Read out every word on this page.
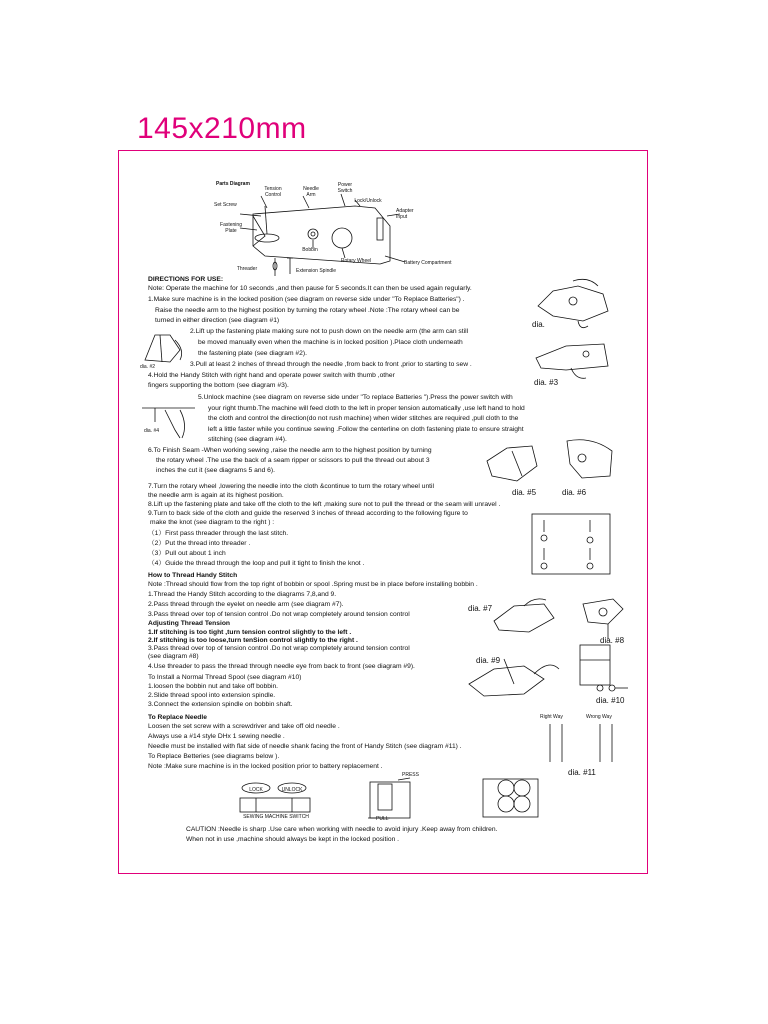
145x210mm
Parts Diagram
Tension
Control
Needle
Arm
Power
Switch
Lock/Unlock
Set Screw
Adapter
Input
Fastening
Plate
Bobbin
Rotary Wheel	Battery Compartment
Threader	Extension Spindle
DIRECTIONS FOR USE:
Note: Operate the machine for 10 seconds ,and then pause for 5 seconds.It can then be used again regularly.
1.Make sure machine is in the locked position (see diagram on reverse side under "To Replace Batteries") .
Raise the needle arm to the highest position by turning the rotary wheel .Note :The rotary wheel can be
turned in either direction (see diagram #1)
2.Lift up the fastening plate making sure not to push down on the needle arm (the arm can still
be moved manually even when the machine is in locked position ).Place cloth underneath
the fastening plate (see diagram #2).
3.Pull at least 2 inches of thread through the needle ,from back to front ,prior to starting to sew .
4.Hold the Handy Stitch with right hand and operate power switch with thumb ,other
fingers supporting the bottom (see diagram #3).
5.Unlock machine (see diagram on reverse side under "To replace Batteries ").Press the power switch with
your right thumb.The machine will feed cloth to the left in proper tension automatically ,use left hand to hold
the cloth and control the direction(do not rush machine) when wider stitches are required ,pull cloth to the
left a little faster while you continue sewing .Follow the centerline on cloth fastening plate to ensure straight
stitching (see diagram #4).
6.To Finish Seam -When working sewing ,raise the needle arm to the highest position by turning
the rotary wheel .The use the back of a seam ripper or scissors to pull the thread out about 3
inches the cut it (see diagrams 5 and 6).
7.Turn the rotary wheel ,lowering the needle into the cloth &continue to turn the rotary wheel until
the needle arm is again at its highest position.
8.Lift up the fastening plate and take off the cloth to the left ,making sure not to pull the thread or the seam will unravel .
9.Turn to back side of the cloth and guide the reserved 3 inches of thread according to the following figure to
make the knot (see diagram to the right ) :
（1）First pass threader through the last stitch.
（2）Put the thread into threader .
（3）Pull out about 1 inch
（4）Guide the thread through the loop and pull it tight to finish the knot .
How to Thread Handy Stitch
Note :Thread should flow from the top right of bobbin or spool .Spring must be in place before installing bobbin .
1.Thread the Handy Stitch according to the diagrams 7,8,and 9.
2.Pass thread through the eyelet on needle arm (see diagram #7).
3.Pass thread over top of tension control .Do not wrap completely around tension control
Adjusting Thread Tension
1.If stitching is too tight ,turn tension control slightly to the left .
2.If stitching is too loose,turn tenSion control slightly to the right .
3.Pass thread over top of tension control .Do not wrap completely around tension control
(see diagram #8)
4.Use threader to pass the thread through needle eye from back to front (see diagram #9).
To Install a Normal Thread Spool (see diagram #10)
1.loosen the bobbin nut and take off bobbin.
2.Slide thread spool into extension spindle.
3.Connect the extension spindle on bobbin shaft.
To Replace Needle
Loosen the set screw with a screwdriver and take off old needle .
Always use a #14 style DHx 1 sewing needle .
Needle must be installed with flat side of needle shank facing the front of Handy Stitch (see diagram #11) .
To Replace Betteries (see diagrams below ).
Note :Make sure machine is in the locked position prior to battery replacement .
CAUTION :Needle is sharp .Use care when working with needle to avoid injury .Keep away from children.
When not in use ,machine should always be kept in the locked position .
dia.
dia. #2
dia. #3
dia. #4
dia. #5	dia. #6
dia. #7
dia. #8
dia. #9
dia. #10
Right Way	Wrong Way
dia. #11
LOCK	UNLOCK
SEWING MACHINE SWITCH
PRESS
PULL
